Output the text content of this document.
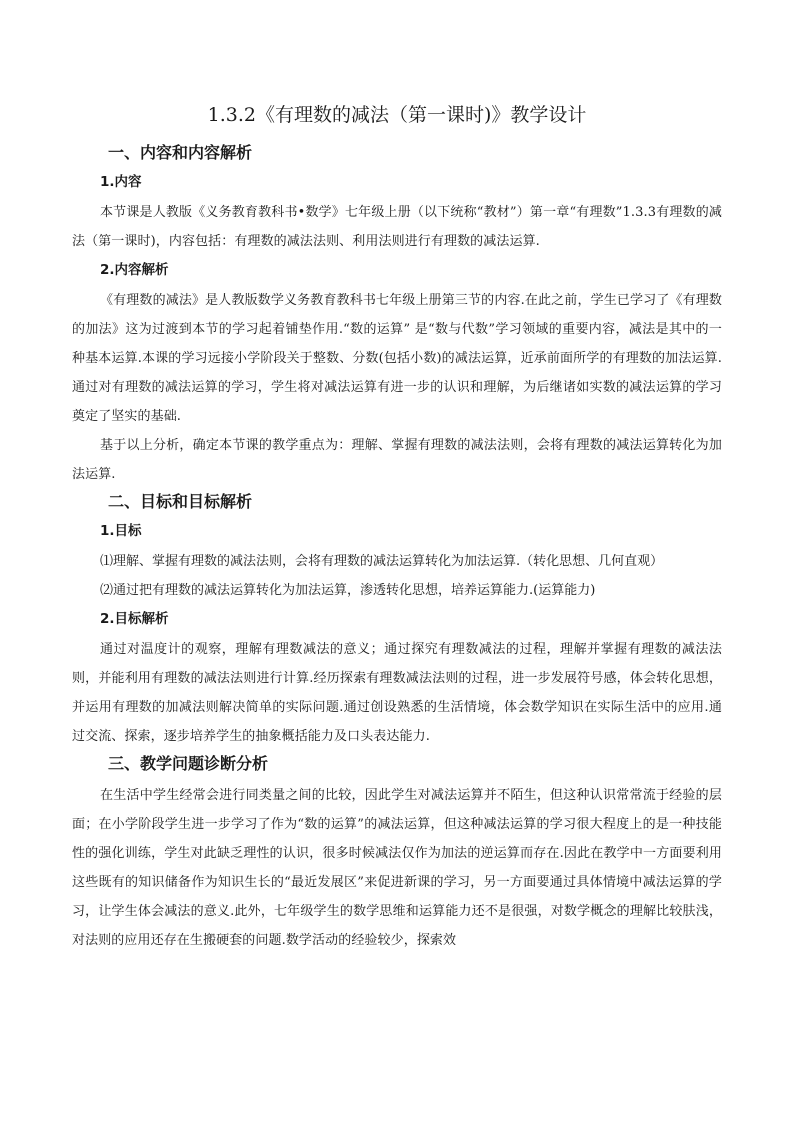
1.3.2《有理数的减法（第一课时)》教学设计
一、内容和内容解析
1.内容

本节课是人教版《义务教育教科书•数学》七年级上册（以下统称“教材”）第一章“有理数”1.3.3有理数的减法（第一课时)，内容包括：有理数的减法法则、利用法则进行有理数的减法运算.

2.内容解析

《有理数的减法》是人教版数学义务教育教科书七年级上册第三节的内容.在此之前，学生已学习了《有理数的加法》这为过渡到本节的学习起着铺垫作用.“数的运算” 是“数与代数”学习领域的重要内容，减法是其中的一种基本运算.本课的学习远接小学阶段关于整数、分数(包括小数)的减法运算，近承前面所学的有理数的加法运算.通过对有理数的减法运算的学习，学生将对减法运算有进一步的认识和理解，为后继诸如实数的减法运算的学习奠定了坚实的基础.

基于以上分析，确定本节课的教学重点为：理解、掌握有理数的减法法则，会将有理数的减法运算转化为加法运算.

二、目标和目标解析
1.目标

⑴理解、掌握有理数的减法法则，会将有理数的减法运算转化为加法运算.（转化思想、几何直观）

⑵通过把有理数的减法运算转化为加法运算，渗透转化思想，培养运算能力.(运算能力)

2.目标解析

通过对温度计的观察，理解有理数减法的意义；通过探究有理数减法的过程，理解并掌握有理数的减法法则，并能利用有理数的减法法则进行计算.经历探索有理数减法法则的过程，进一步发展符号感，体会转化思想，并运用有理数的加减法则解决简单的实际问题.通过创设熟悉的生活情境，体会数学知识在实际生活中的应用.通过交流、探索，逐步培养学生的抽象概括能力及口头表达能力.

三、教学问题诊断分析

在生活中学生经常会进行同类量之间的比较，因此学生对减法运算并不陌生，但这种认识常常流于经验的层面；在小学阶段学生进一步学习了作为“数的运算”的减法运算，但这种减法运算的学习很大程度上的是一种技能性的强化训练，学生对此缺乏理性的认识，很多时候减法仅作为加法的逆运算而存在.因此在教学中一方面要利用这些既有的知识储备作为知识生长的“最近发展区”来促进新课的学习，另一方面要通过具体情境中减法运算的学习，让学生体会减法的意义.此外，七年级学生的数学思维和运算能力还不是很强，对数学概念的理解比较肤浅，对法则的应用还存在生搬硬套的问题.数学活动的经验较少，探索效
